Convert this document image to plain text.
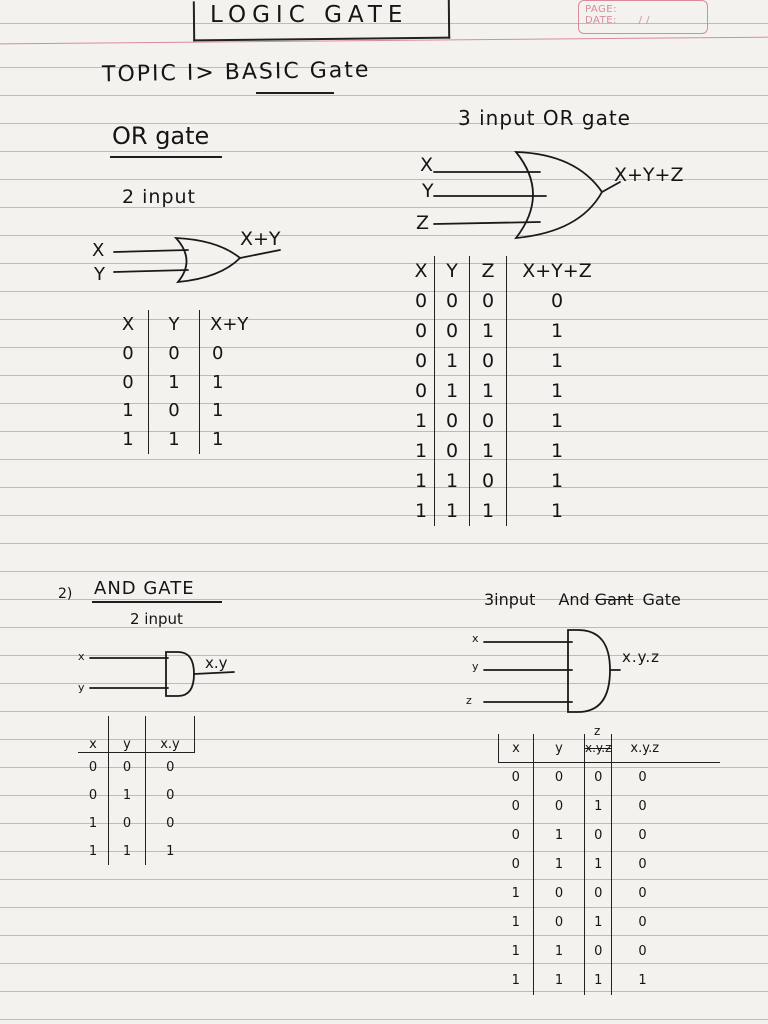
LOGIC GATE	PAGE:
DATE: / /
TOPIC I> BASIC Gate
OR gate
3 input OR gate
2 input
X
Y
X+Y
X
Y
Z
X+Y+Z
X	Y	X+Y
0	0	0
0	1	1
1	0	1
1	1	1
X	Y	Z	X+Y+Z
0	0	0	0
0	0	1	1
0	1	0	1
0	1	1	1
1	0	0	1
1	0	1	1
1	1	0	1
1	1	1	1
2) AND GATE
2 input
3input And Gant Gate
x
y
x.y
x
y
z
x.y.z
x	y	x.y
0	0	0
0	1	0
1	0	0
1	1	1
z
x	y	x.y.z	x.y.z
0	0	0	0
0	0	1	0
0	1	0	0
0	1	1	0
1	0	0	0
1	0	1	0
1	1	0	0
1	1	1	1
